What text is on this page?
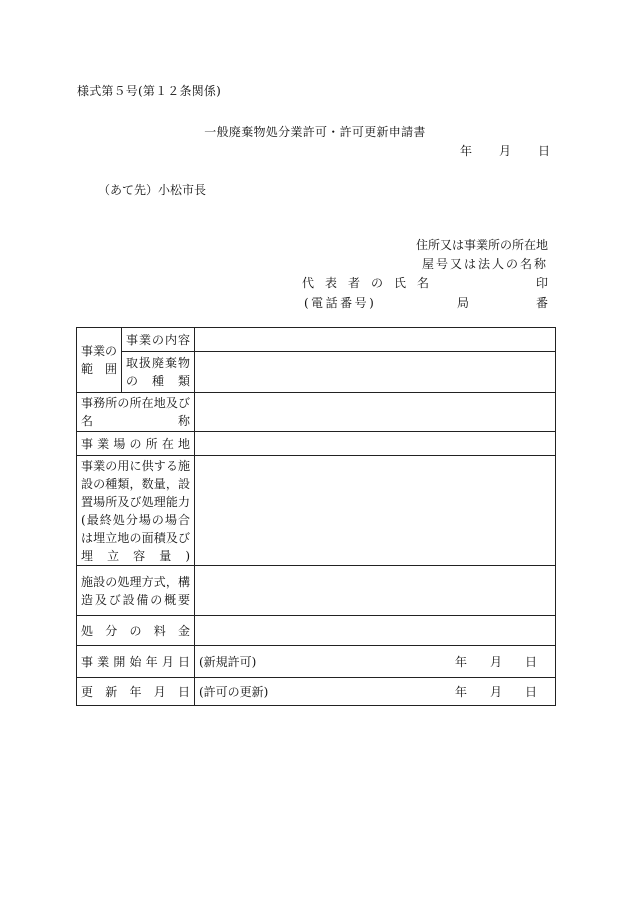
様式第５号(第１２条関係)
一般廃棄物処分業許可・許可更新申請書
年 月 日
（あて先）小松市長
住所又は事業所の所在地
屋号又は法人の名称
代表者の氏名	印
(電話番号)	局	番
事業の範囲	事業の内容	
	取扱廃棄物の種類	
事務所の所在地及び名称		
事業場の所在地		
事業の用に供する施設の種類，数量，設置場所及び処理能力(最終処分場の場合は埋立地の面積及び埋立容量)		
施設の処理方式，構造及び設備の概要		
処分の料金		
事業開始年月日		(新規許可) 年 月 日

更新年月日		(許可の更新) 年 月 日
